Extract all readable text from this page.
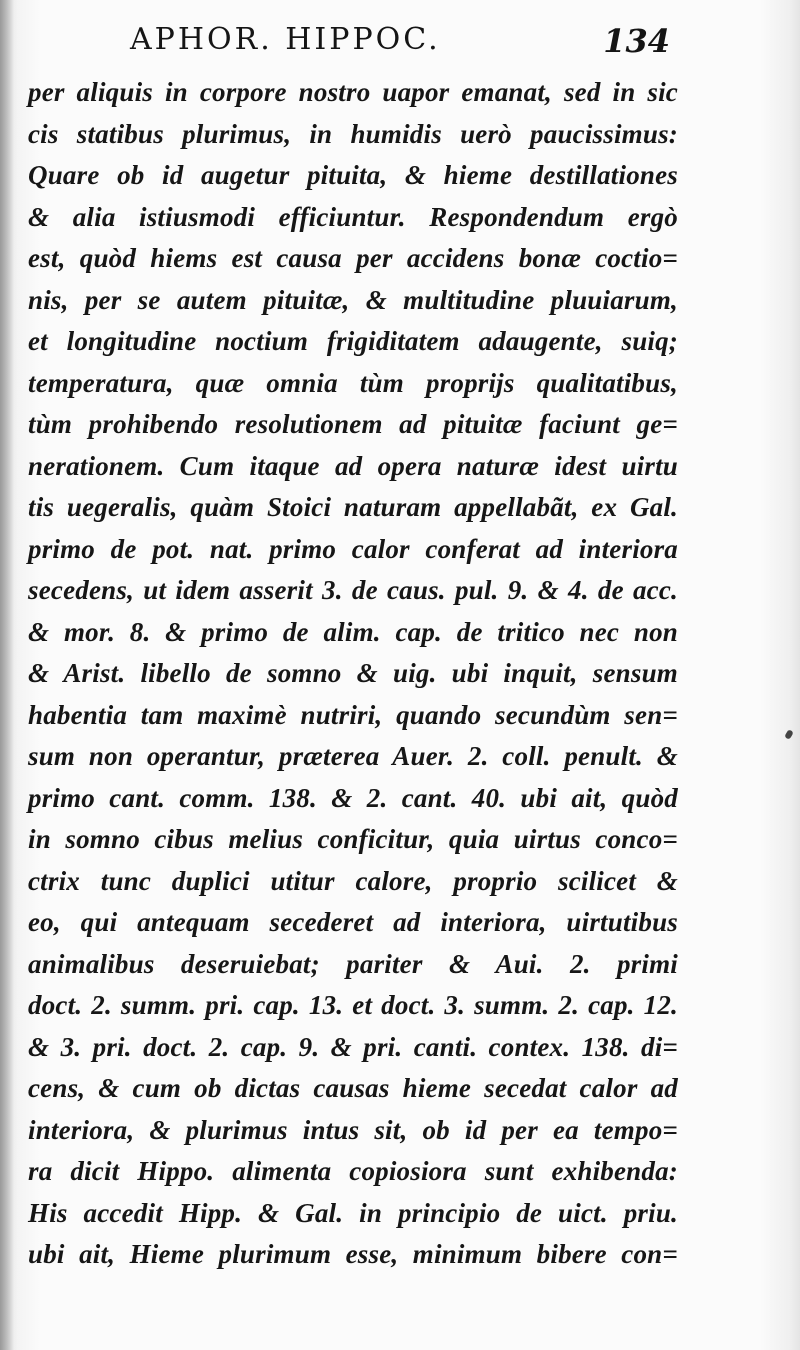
APHOR. HIPPOC.	134
per aliquis in corpore nostro uapor emanat, sed in sic
cis statibus plurimus, in humidis uerò paucissimus:
Quare ob id augetur pituita, & hieme destillationes
& alia istiusmodi efficiuntur. Respondendum ergò
est, quòd hiems est causa per accidens bonæ coctio=
nis, per se autem pituitæ, & multitudine pluuiarum,
et longitudine noctium frigiditatem adaugente, suiq;
temperatura, quæ omnia tùm proprijs qualitatibus,
tùm prohibendo resolutionem ad pituitæ faciunt ge=
nerationem. Cum itaque ad opera naturæ idest uirtu
tis uegeralis, quàm Stoici naturam appellabãt, ex Gal.
primo de pot. nat. primo calor conferat ad interiora
secedens, ut idem asserit 3. de caus. pul. 9. & 4. de acc.
& mor. 8. & primo de alim. cap. de tritico nec non
& Arist. libello de somno & uig. ubi inquit, sensum
habentia tam maximè nutriri, quando secundùm sen=
sum non operantur, præterea Auer. 2. coll. penult. &
primo cant. comm. 138. & 2. cant. 40. ubi ait, quòd
in somno cibus melius conficitur, quia uirtus conco=
ctrix tunc duplici utitur calore, proprio scilicet &
eo, qui antequam secederet ad interiora, uirtutibus
animalibus deseruiebat; pariter & Aui. 2. primi
doct. 2. summ. pri. cap. 13. et doct. 3. summ. 2. cap. 12.
& 3. pri. doct. 2. cap. 9. & pri. canti. contex. 138. di=
cens, & cum ob dictas causas hieme secedat calor ad
interiora, & plurimus intus sit, ob id per ea tempo=
ra dicit Hippo. alimenta copiosiora sunt exhibenda:
His accedit Hipp. & Gal. in principio de uict. priu.
ubi ait, Hieme plurimum esse, minimum bibere con=
